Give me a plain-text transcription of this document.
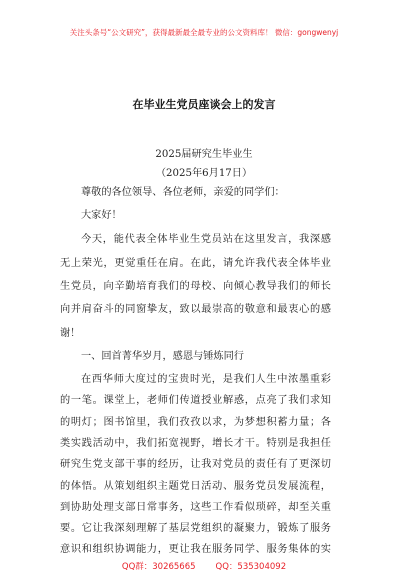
关注头条号“公文研究”，获得最新最全最专业的公文资料库！ 微信：gongwenyj
在毕业生党员座谈会上的发言
2025届研究生毕业生
（2025年6月17日）
尊敬的各位领导、各位老师，亲爱的同学们：
大家好！
今天，能代表全体毕业生党员站在这里发言，我深感
无上荣光，更觉重任在肩。在此，请允许我代表全体毕业
生党员，向辛勤培育我们的母校、向倾心教导我们的师长
向并肩奋斗的同窗挚友，致以最崇高的敬意和最衷心的感
谢！
一、回首菁华岁月，感恩与锤炼同行
在西华师大度过的宝贵时光，是我们人生中浓墨重彩
的一笔。课堂上，老师们传道授业解惑，点亮了我们求知
的明灯；图书馆里，我们孜孜以求，为梦想积蓄力量；各
类实践活动中，我们拓宽视野，增长才干。特别是我担任
研究生党支部干事的经历，让我对党员的责任有了更深切
的体悟。从策划组织主题党日活动、服务党员发展流程，
到协助处理支部日常事务，这些工作看似琐碎，却至关重
QQ群：30265665 QQ：535304092
要。它让我深刻理解了基层党组织的凝聚力，锻炼了服务
意识和组织协调能力，更让我在服务同学、服务集体的实
